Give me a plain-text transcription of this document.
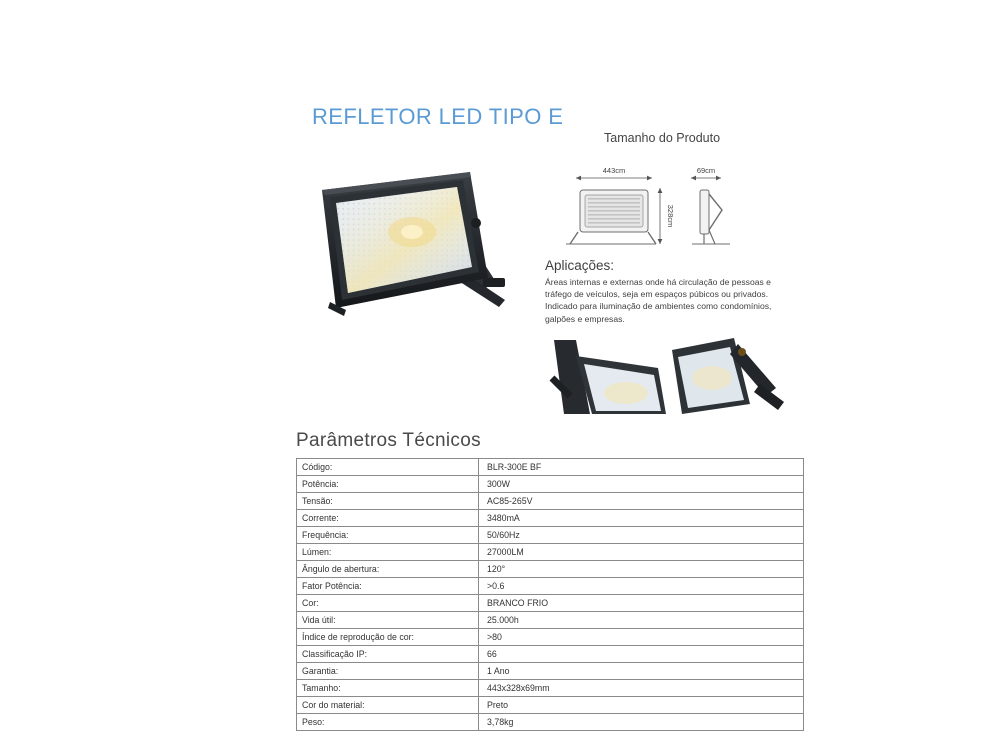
REFLETOR LED TIPO E
Tamanho do Produto
443cm	69cm
328cm
Aplicações:
Áreas internas e externas onde há circulação de pessoas e tráfego de veículos, seja em espaços púbicos ou privados. Indicado para iluminação de ambientes como condomínios, galpões e empresas.
Parâmetros Técnicos
Código:	BLR-300E BF
Potência:	300W
Tensão:	AC85-265V
Corrente:	3480mA
Frequência:	50/60Hz
Lúmen:	27000LM
Ângulo de abertura:	120°
Fator Potência:	>0.6
Cor:	BRANCO FRIO
Vida útil:	25.000h
Índice de reprodução de cor:	>80
Classificação IP:	66
Garantia:	1 Ano
Tamanho:	443x328x69mm
Cor do material:	Preto
Peso:	3,78kg
